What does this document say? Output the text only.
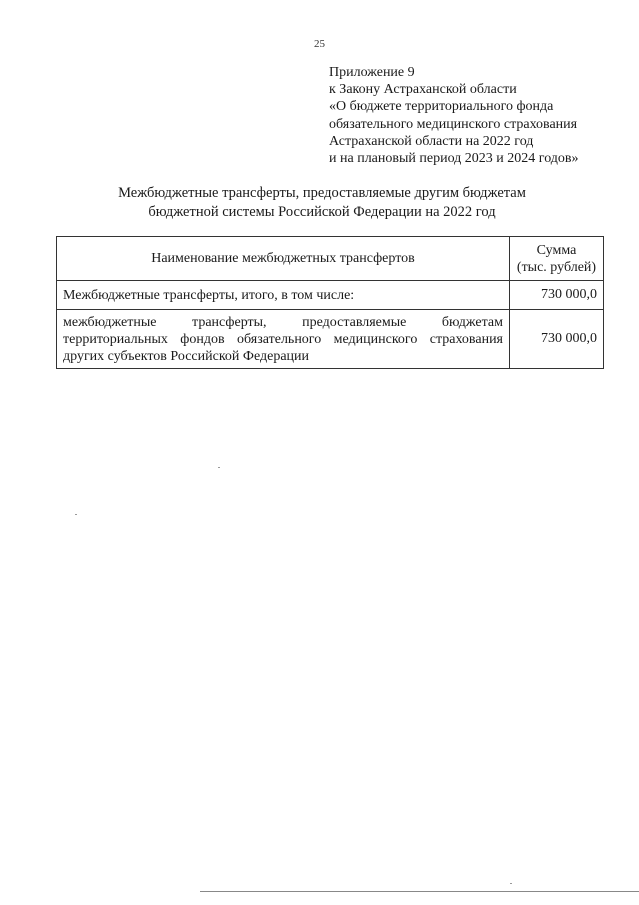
25
Приложение 9
к Закону Астраханской области
«О бюджете территориального фонда
обязательного медицинского страхования
Астраханской области на 2022 год
и на плановый период 2023 и 2024 годов»
Межбюджетные трансферты, предоставляемые другим бюджетам
бюджетной системы Российской Федерации на 2022 год
Наименование межбюджетных трансфертов	Сумма
(тыс. рублей)

Межбюджетные трансферты, итого, в том числе:	730 000,0
межбюджетные трансферты, предоставляемые бюджетам территориальных фондов обязательного медицинского страхования других субъектов Российской Федерации	730 000,0
